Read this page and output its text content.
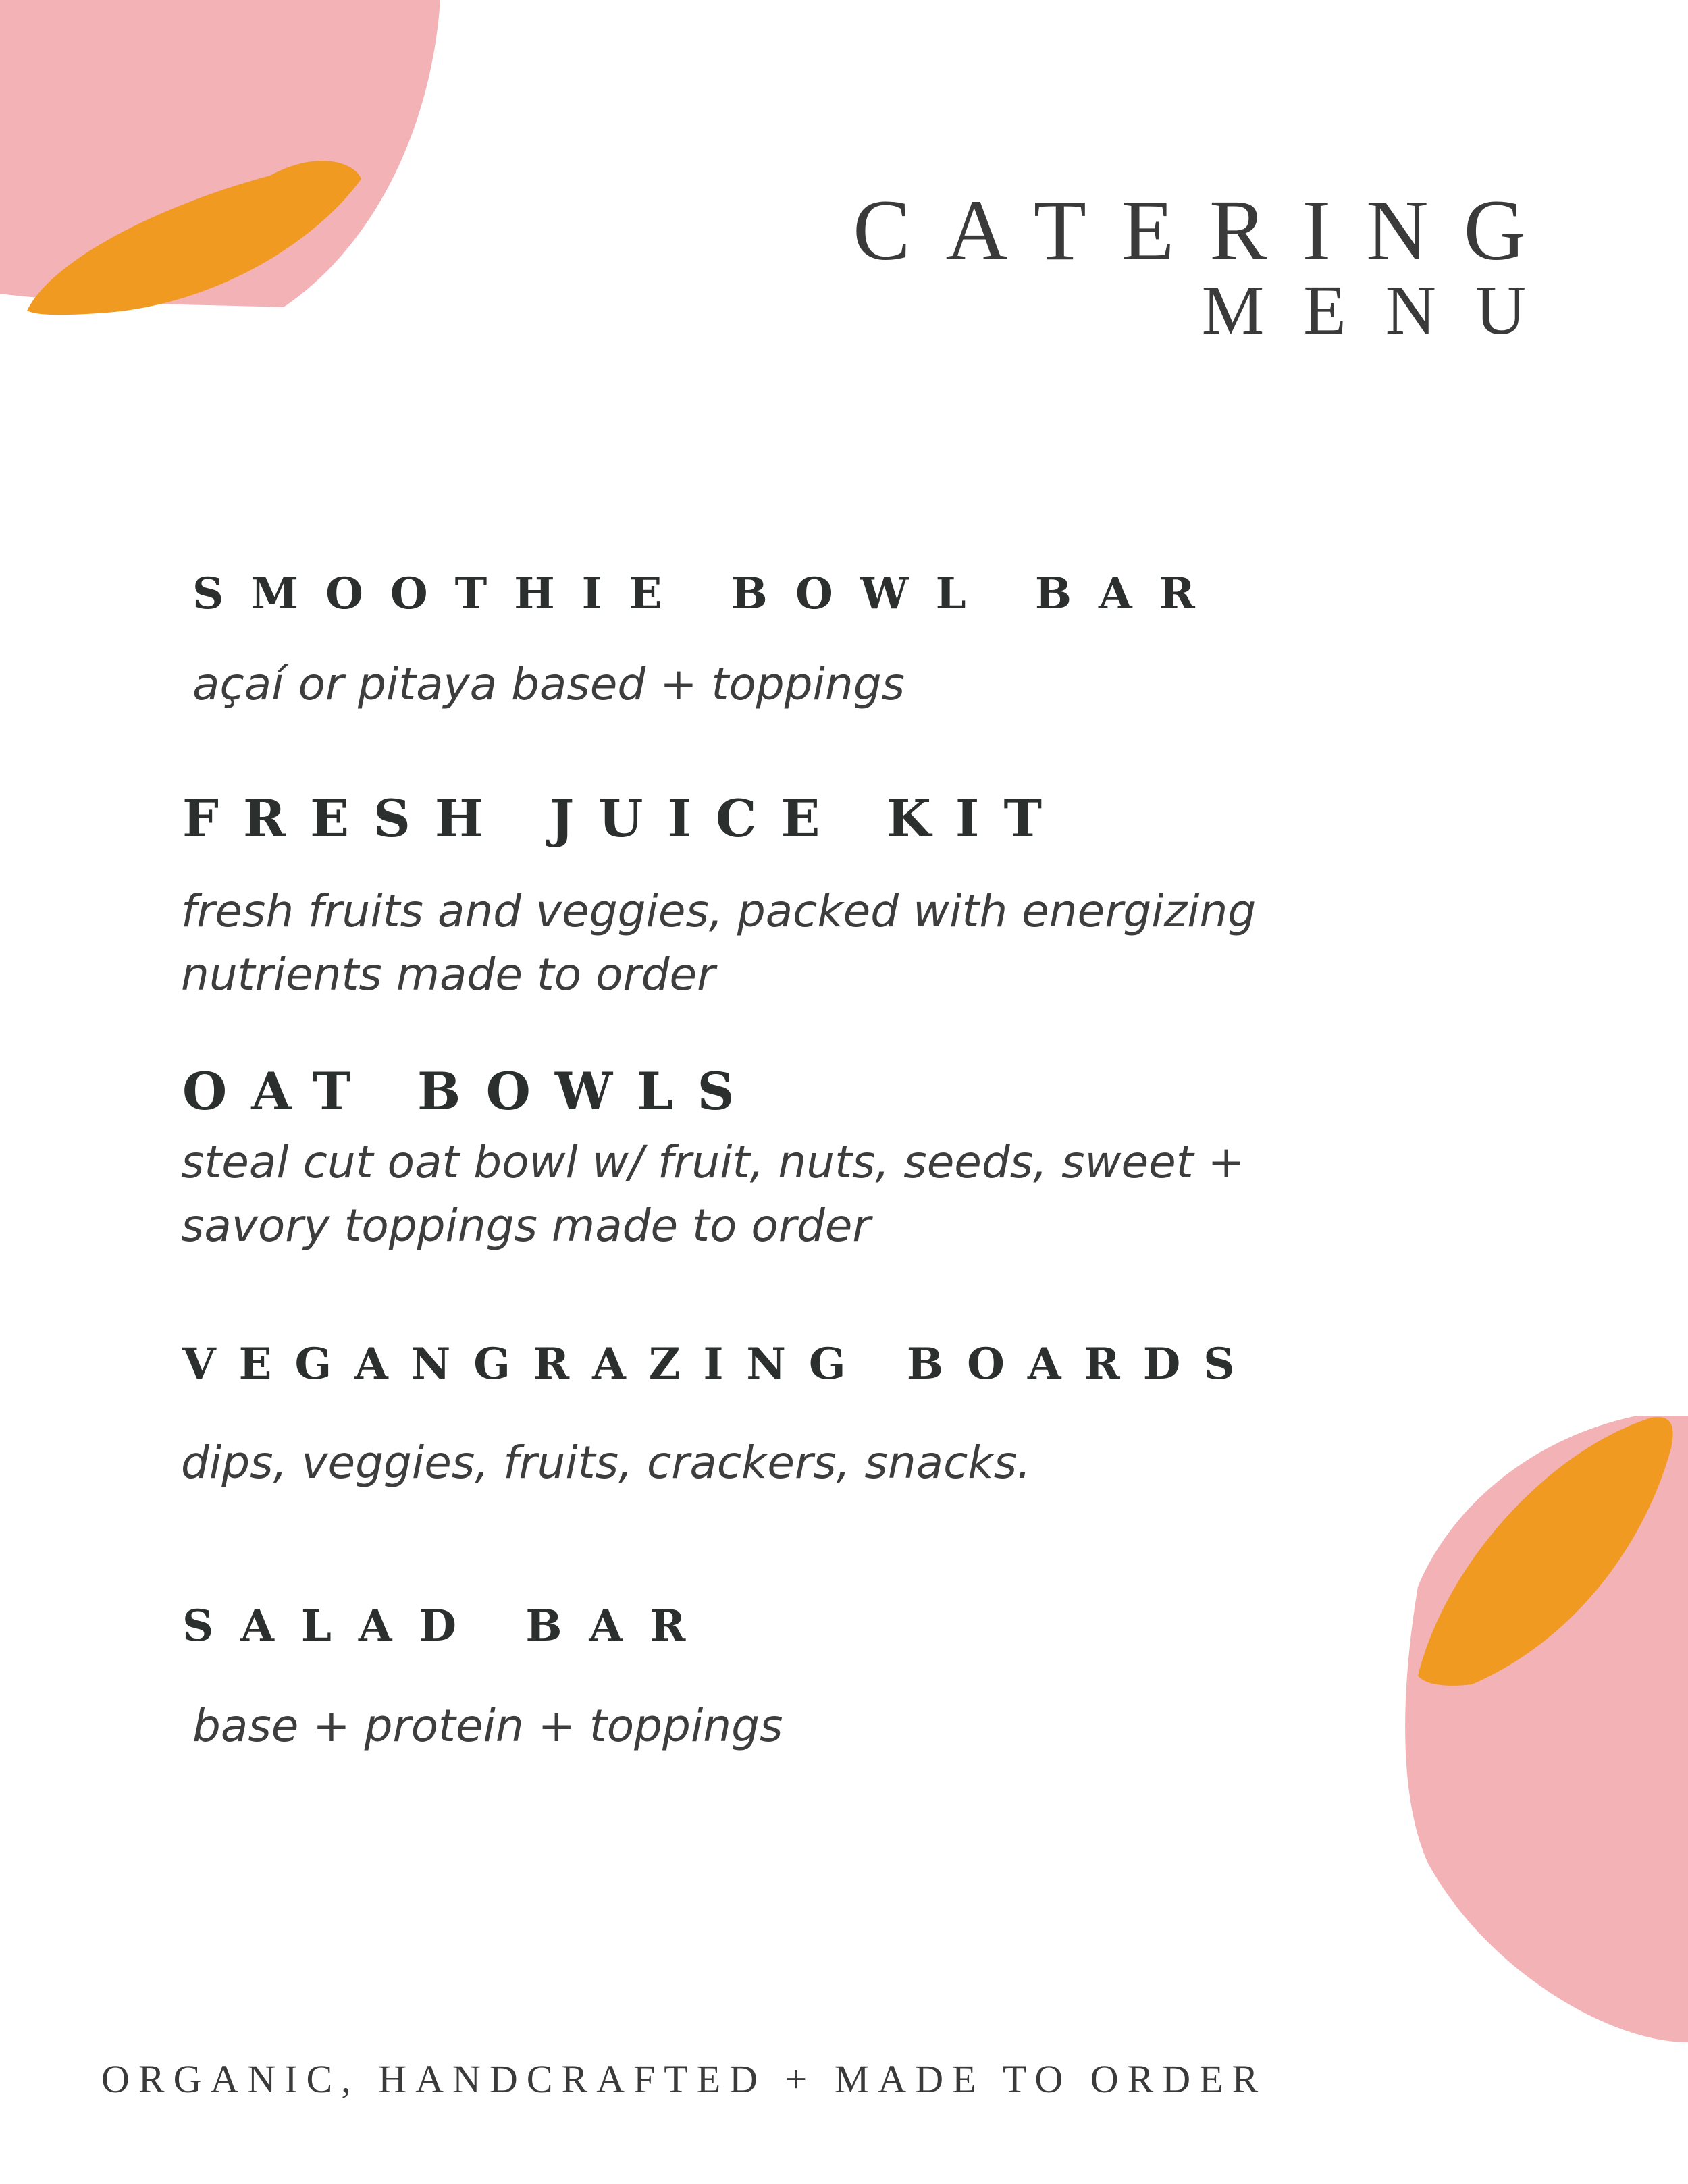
CATERING
MENU
SMOOTHIE BOWL BAR
açaí or pitaya based + toppings
FRESH JUICE KIT
fresh fruits and veggies, packed with energizing
nutrients made to order
OAT BOWLS
steal cut oat bowl w/ fruit, nuts, seeds, sweet +
savory toppings made to order
VEGANGRAZING BOARDS
dips, veggies, fruits, crackers, snacks.
SALAD BAR
base + protein + toppings

ORGANIC, HANDCRAFTED + MADE TO ORDER
